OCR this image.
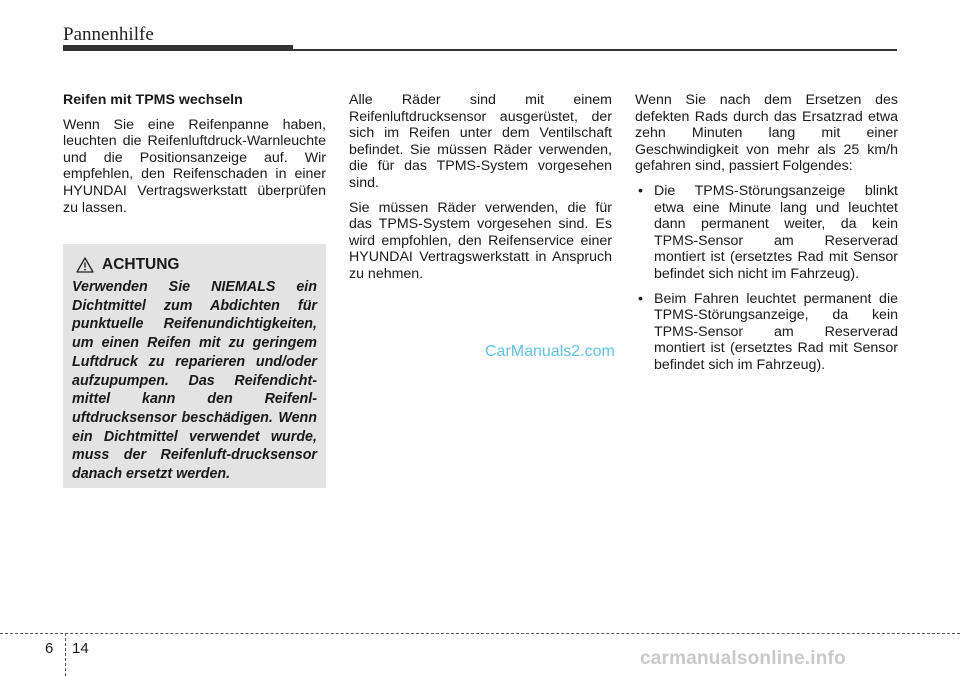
Pannenhilfe

Reifen mit TPMS wechseln

Wenn Sie eine Reifenpanne haben, leuchten die Reifenluftdruck-Warnleuchte und die Positionsanzeige auf. Wir empfehlen, den Reifenschaden in einer HYUNDAI Vertragswerkstatt überprüfen zu lassen.

ACHTUNG

Verwenden Sie NIEMALS ein Dichtmittel zum Abdichten für punktuelle Reifenundichtigkeiten, um einen Reifen mit zu geringem Luftdruck zu reparieren und/oder aufzupumpen. Das Reifendicht-mittel kann den Reifenl-uftdrucksensor beschädigen. Wenn ein Dichtmittel verwendet wurde, muss der Reifenluft-drucksensor danach ersetzt werden.

Alle Räder sind mit einem Reifenluftdrucksensor ausgerüstet, der sich im Reifen unter dem Ventilschaft befindet. Sie müssen Räder verwenden, die für das TPMS-System vorgesehen sind.

Sie müssen Räder verwenden, die für das TPMS-System vorgesehen sind. Es wird empfohlen, den Reifenservice einer HYUNDAI Vertragswerkstatt in Anspruch zu nehmen.

CarManuals2.com

Wenn Sie nach dem Ersetzen des defekten Rads durch das Ersatzrad etwa zehn Minuten lang mit einer Geschwindigkeit von mehr als 25 km/h gefahren sind, passiert Folgendes:

• Die TPMS-Störungsanzeige blinkt etwa eine Minute lang und leuchtet dann permanent weiter, da kein TPMS-Sensor am Reserverad montiert ist (ersetztes Rad mit Sensor befindet sich nicht im Fahrzeug).
• Beim Fahren leuchtet permanent die TPMS-Störungsanzeige, da kein TPMS-Sensor am Reserverad montiert ist (ersetztes Rad mit Sensor befindet sich im Fahrzeug).
6 14	carmanualsonline.info
